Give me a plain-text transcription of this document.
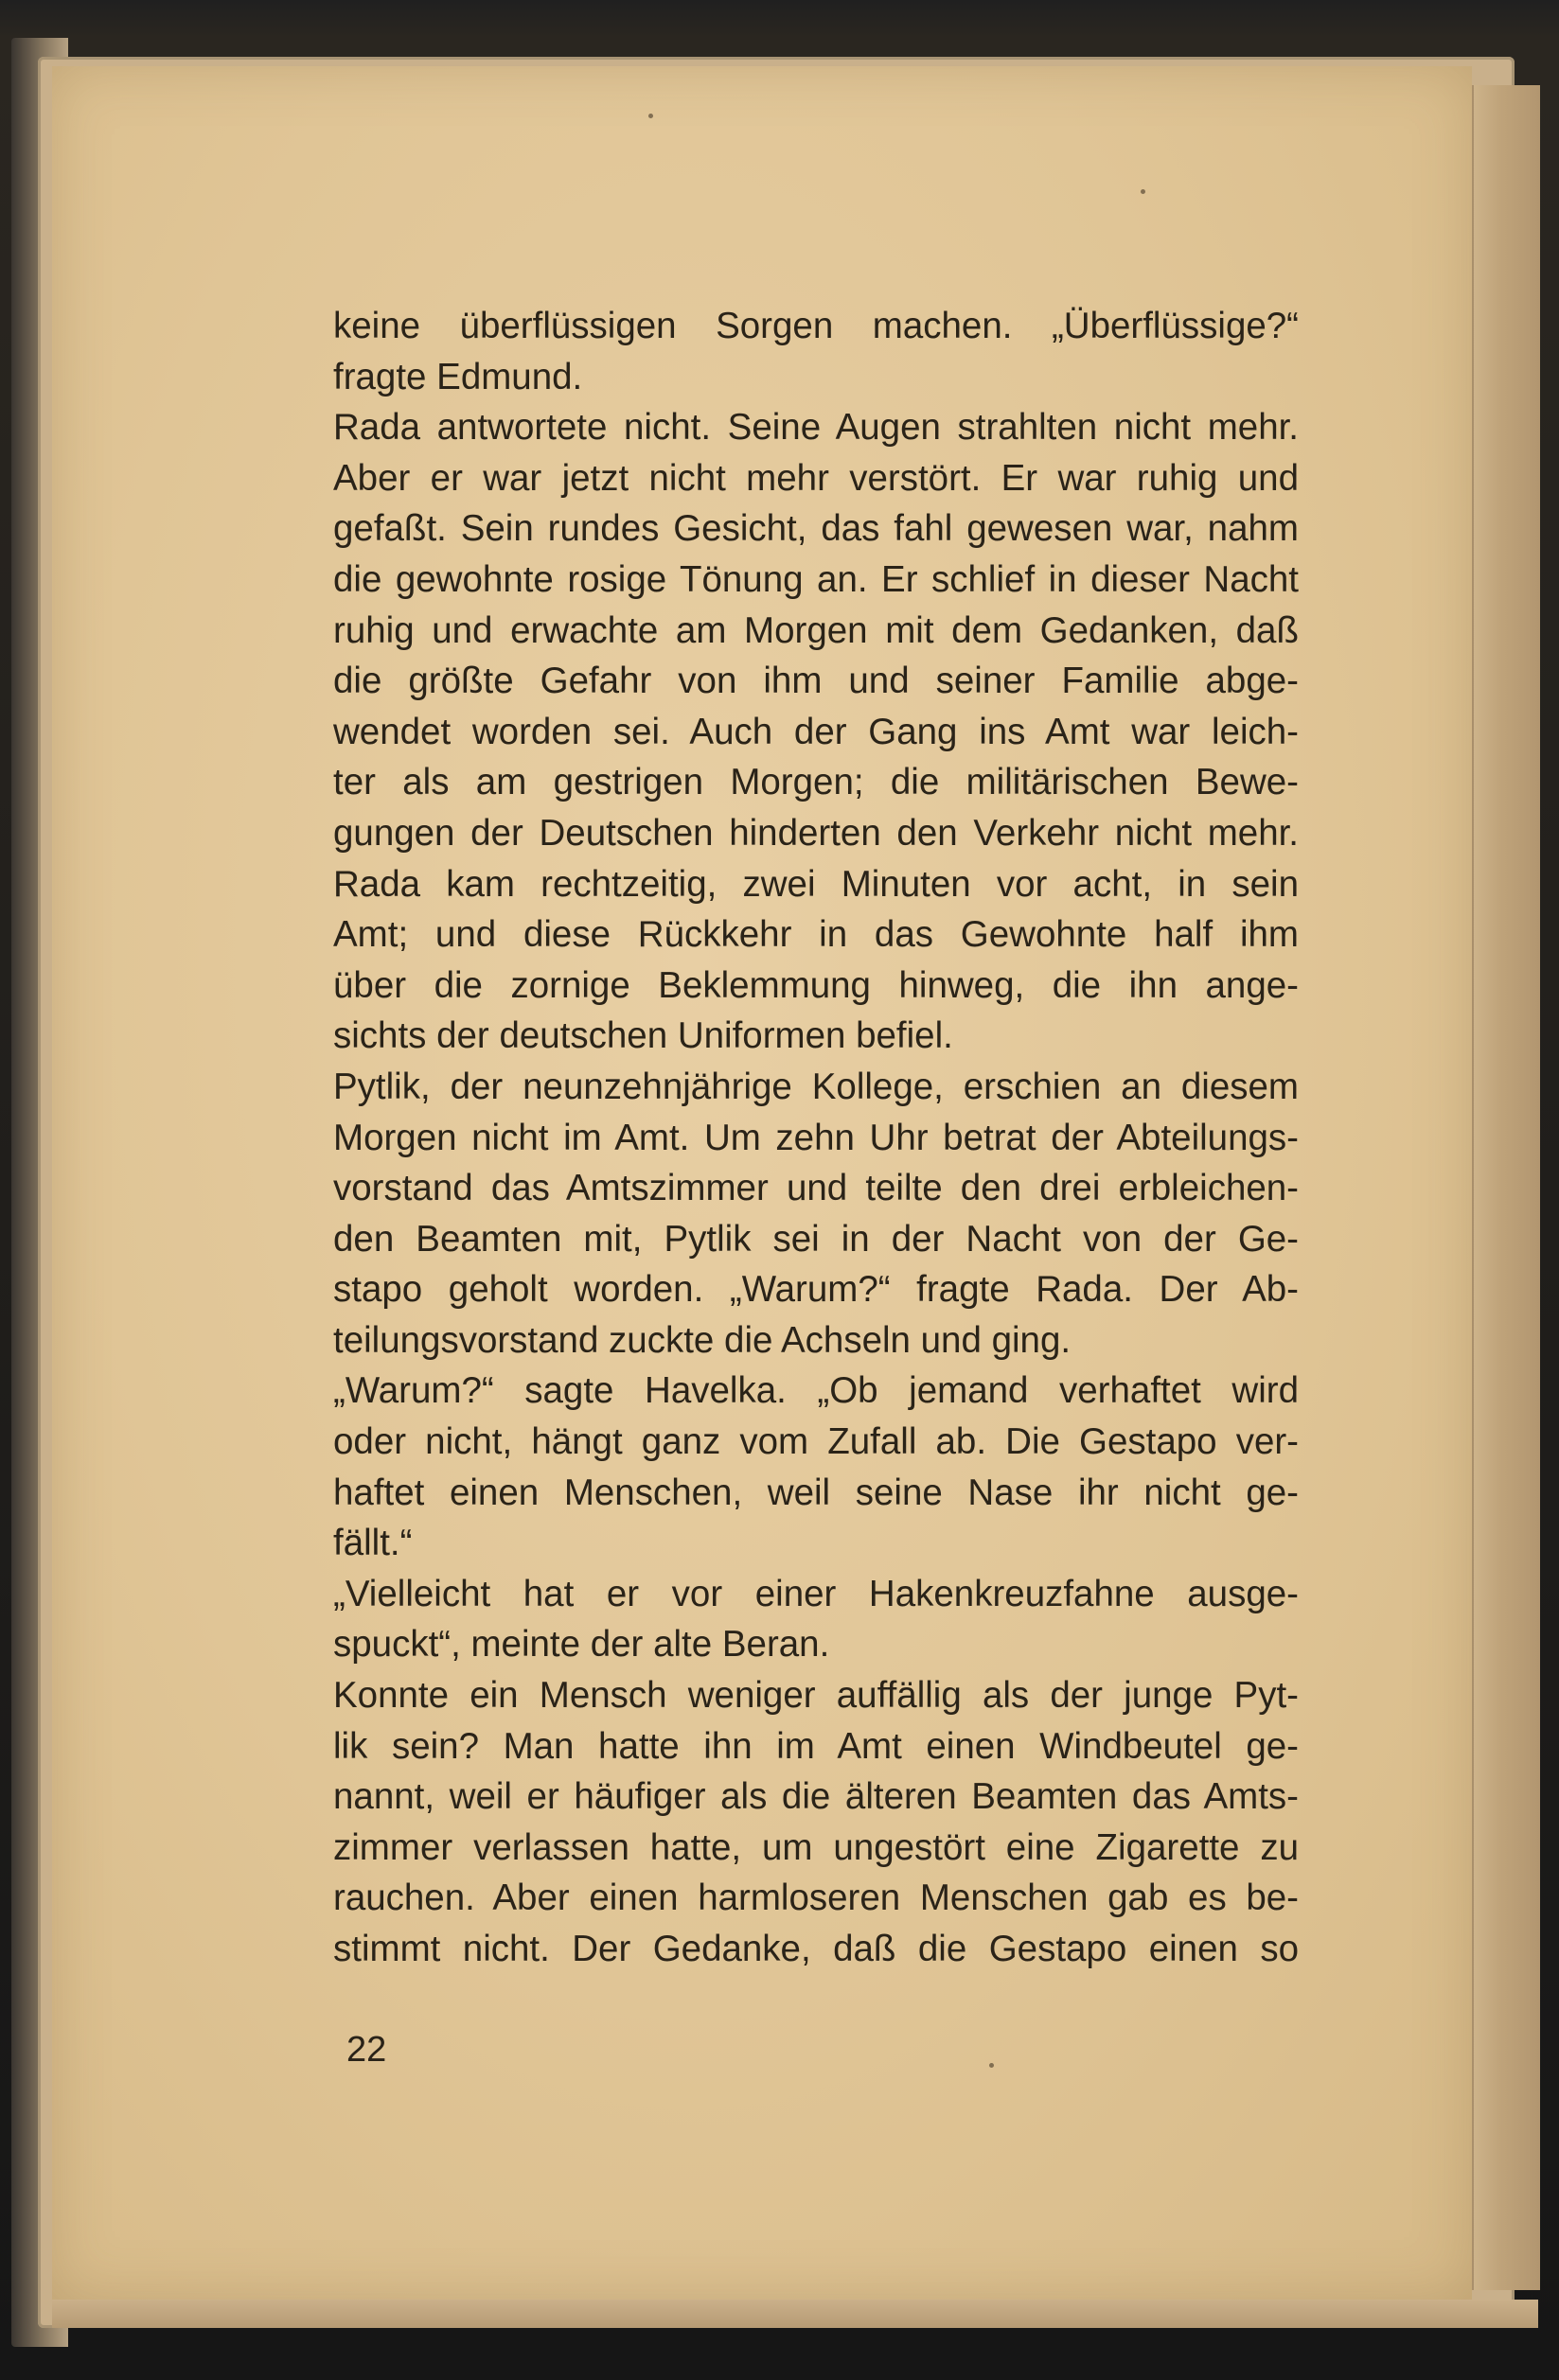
keine überflüssigen Sorgen machen. „Überflüssige?“
fragte Edmund.
Rada antwortete nicht. Seine Augen strahlten nicht mehr.
Aber er war jetzt nicht mehr verstört. Er war ruhig und
gefaßt. Sein rundes Gesicht, das fahl gewesen war, nahm
die gewohnte rosige Tönung an. Er schlief in dieser Nacht
ruhig und erwachte am Morgen mit dem Gedanken, daß
die größte Gefahr von ihm und seiner Familie abge-
wendet worden sei. Auch der Gang ins Amt war leich-
ter als am gestrigen Morgen; die militärischen Bewe-
gungen der Deutschen hinderten den Verkehr nicht mehr.
Rada kam rechtzeitig, zwei Minuten vor acht, in sein
Amt; und diese Rückkehr in das Gewohnte half ihm
über die zornige Beklemmung hinweg, die ihn ange-
sichts der deutschen Uniformen befiel.
Pytlik, der neunzehnjährige Kollege, erschien an diesem
Morgen nicht im Amt. Um zehn Uhr betrat der Abteilungs-
vorstand das Amtszimmer und teilte den drei erbleichen-
den Beamten mit, Pytlik sei in der Nacht von der Ge-
stapo geholt worden. „Warum?“ fragte Rada. Der Ab-
teilungsvorstand zuckte die Achseln und ging.
„Warum?“ sagte Havelka. „Ob jemand verhaftet wird
oder nicht, hängt ganz vom Zufall ab. Die Gestapo ver-
haftet einen Menschen, weil seine Nase ihr nicht ge-
fällt.“
„Vielleicht hat er vor einer Hakenkreuzfahne ausge-
spuckt“, meinte der alte Beran.
Konnte ein Mensch weniger auffällig als der junge Pyt-
lik sein? Man hatte ihn im Amt einen Windbeutel ge-
nannt, weil er häufiger als die älteren Beamten das Amts-
zimmer verlassen hatte, um ungestört eine Zigarette zu
rauchen. Aber einen harmloseren Menschen gab es be-
stimmt nicht. Der Gedanke, daß die Gestapo einen so
22
